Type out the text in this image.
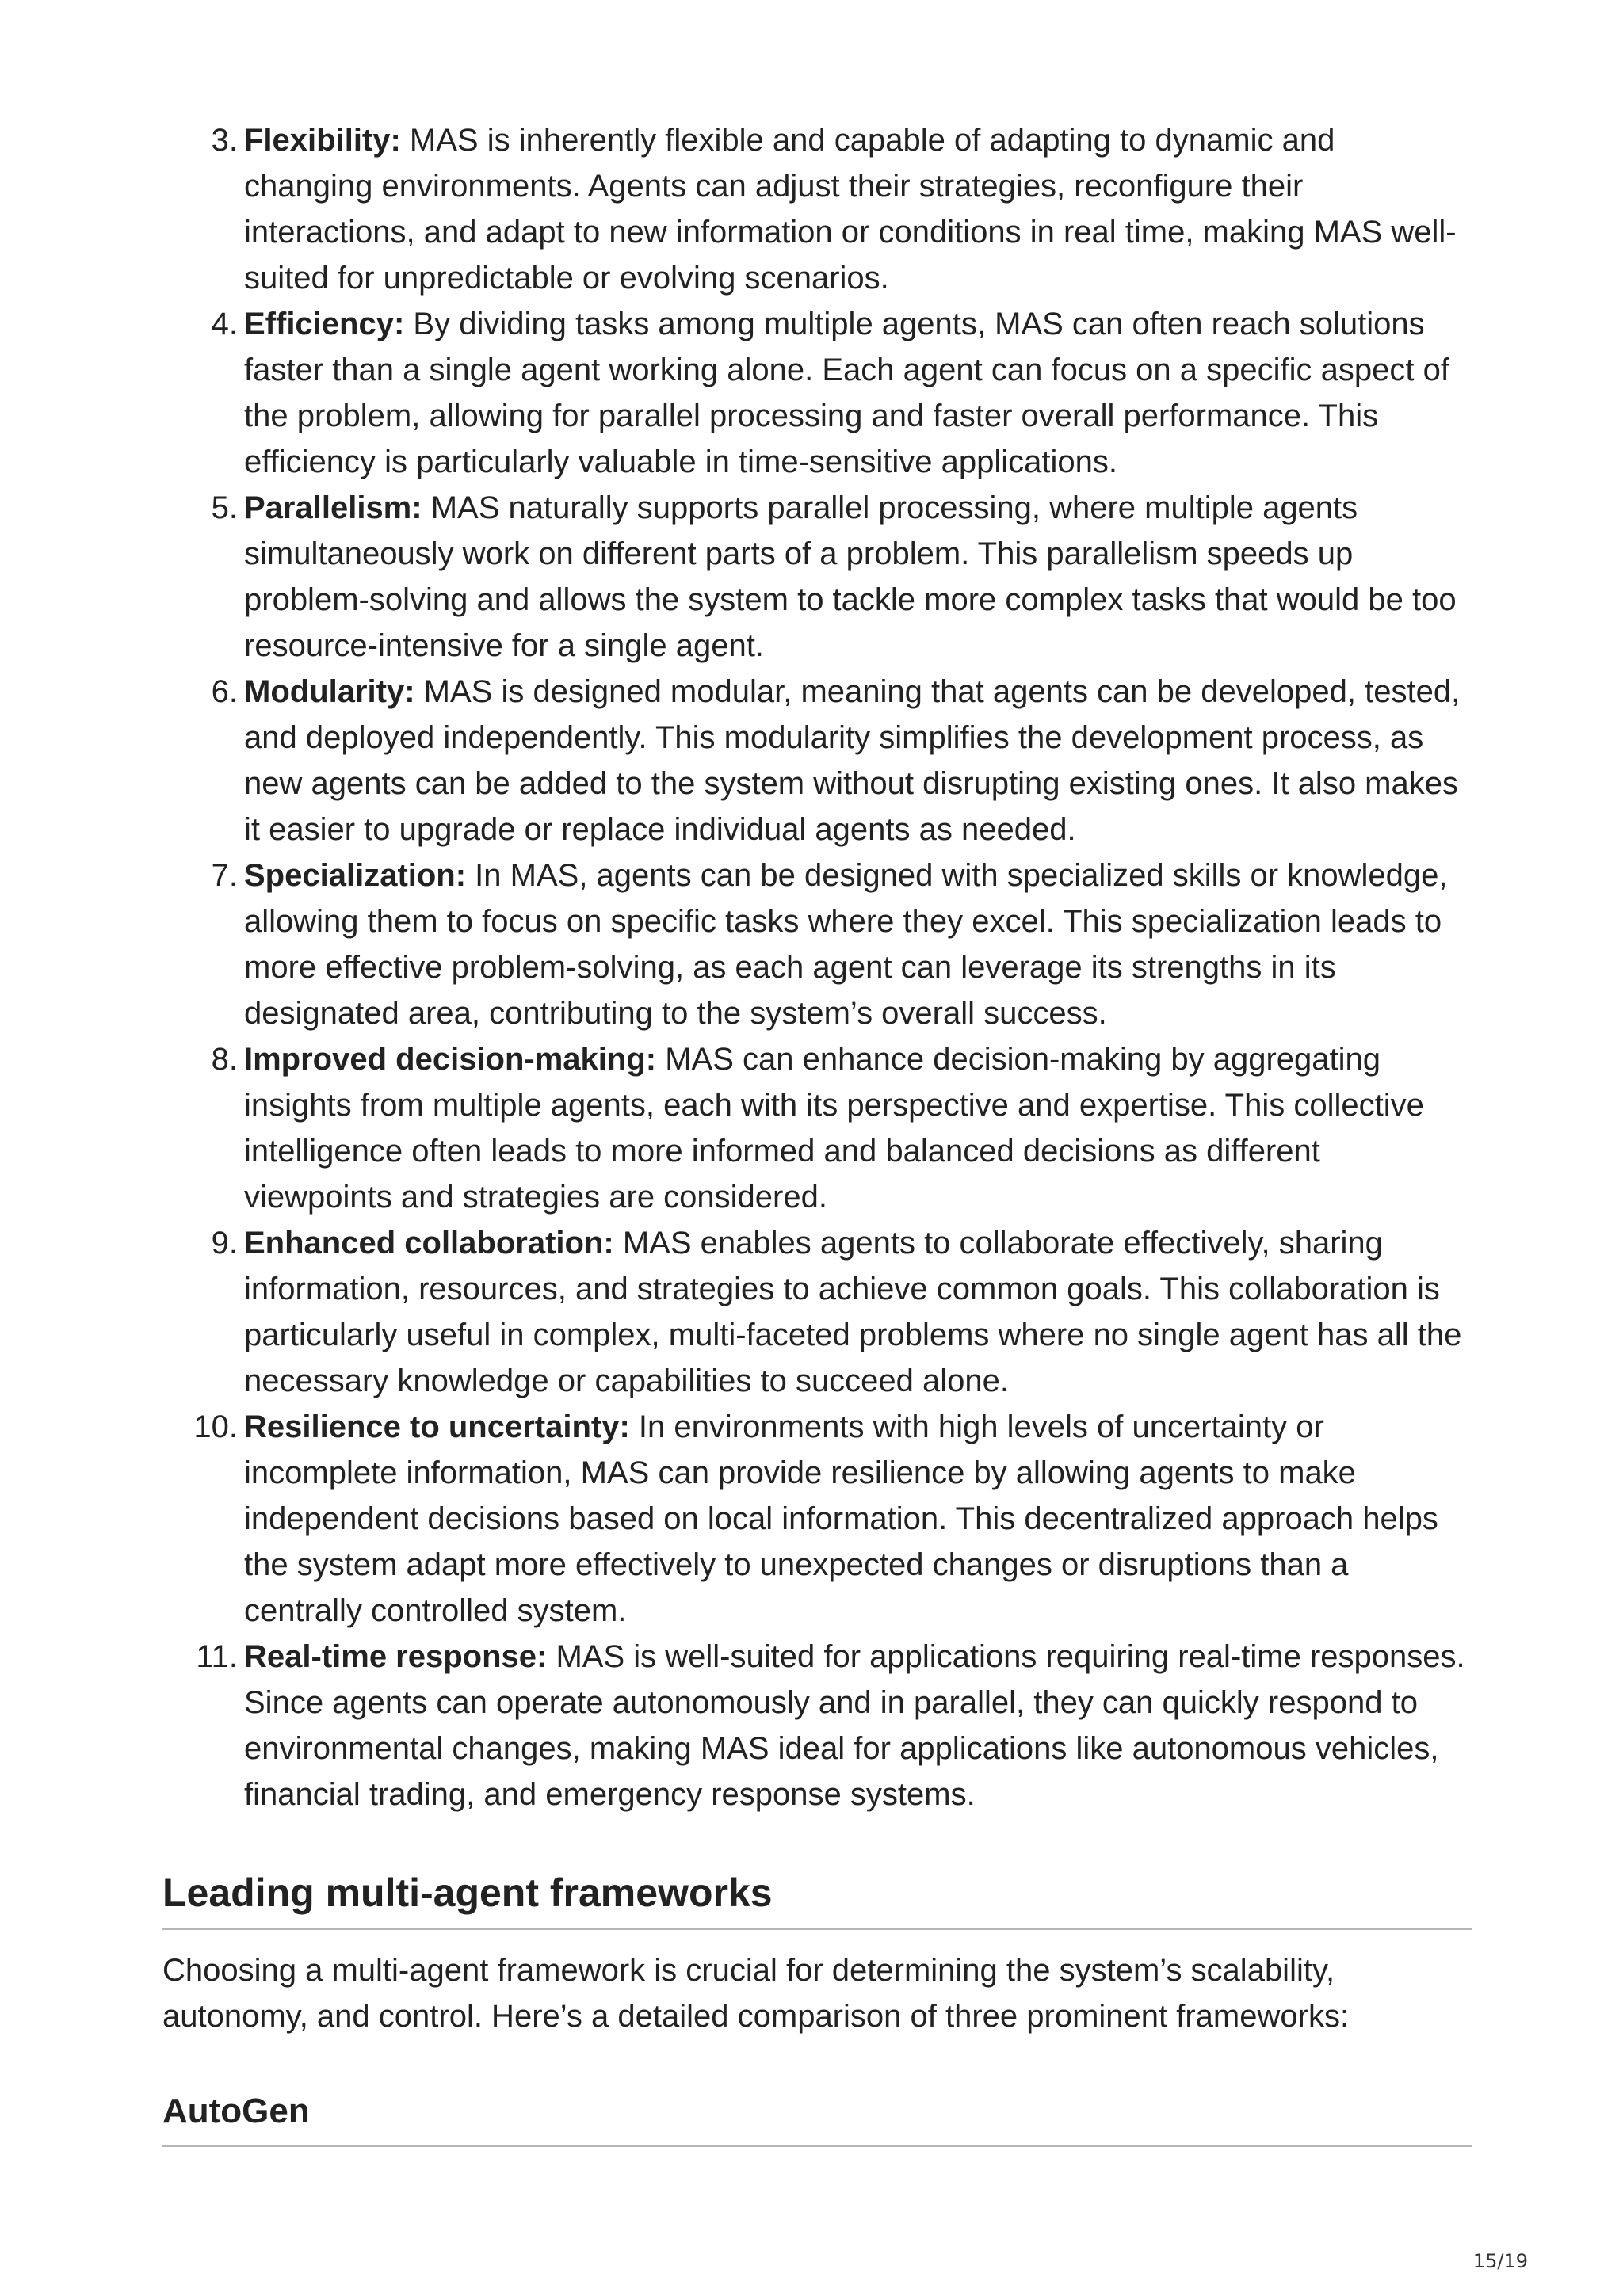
3. Flexibility: MAS is inherently flexible and capable of adapting to dynamic and changing environments. Agents can adjust their strategies, reconfigure their interactions, and adapt to new information or conditions in real time, making MAS well-suited for unpredictable or evolving scenarios.
4. Efficiency: By dividing tasks among multiple agents, MAS can often reach solutions faster than a single agent working alone. Each agent can focus on a specific aspect of the problem, allowing for parallel processing and faster overall performance. This efficiency is particularly valuable in time-sensitive applications.
5. Parallelism: MAS naturally supports parallel processing, where multiple agents simultaneously work on different parts of a problem. This parallelism speeds up problem-solving and allows the system to tackle more complex tasks that would be too resource-intensive for a single agent.
6. Modularity: MAS is designed modular, meaning that agents can be developed, tested, and deployed independently. This modularity simplifies the development process, as new agents can be added to the system without disrupting existing ones. It also makes it easier to upgrade or replace individual agents as needed.
7. Specialization: In MAS, agents can be designed with specialized skills or knowledge, allowing them to focus on specific tasks where they excel. This specialization leads to more effective problem-solving, as each agent can leverage its strengths in its designated area, contributing to the system’s overall success.
8. Improved decision-making: MAS can enhance decision-making by aggregating insights from multiple agents, each with its perspective and expertise. This collective intelligence often leads to more informed and balanced decisions as different viewpoints and strategies are considered.
9. Enhanced collaboration: MAS enables agents to collaborate effectively, sharing information, resources, and strategies to achieve common goals. This collaboration is particularly useful in complex, multi-faceted problems where no single agent has all the necessary knowledge or capabilities to succeed alone.
10. Resilience to uncertainty: In environments with high levels of uncertainty or incomplete information, MAS can provide resilience by allowing agents to make independent decisions based on local information. This decentralized approach helps the system adapt more effectively to unexpected changes or disruptions than a centrally controlled system.
11. Real-time response: MAS is well-suited for applications requiring real-time responses. Since agents can operate autonomously and in parallel, they can quickly respond to environmental changes, making MAS ideal for applications like autonomous vehicles, financial trading, and emergency response systems.
Leading multi-agent frameworks

Choosing a multi-agent framework is crucial for determining the system’s scalability, autonomy, and control. Here’s a detailed comparison of three prominent frameworks:

AutoGen
15/19
